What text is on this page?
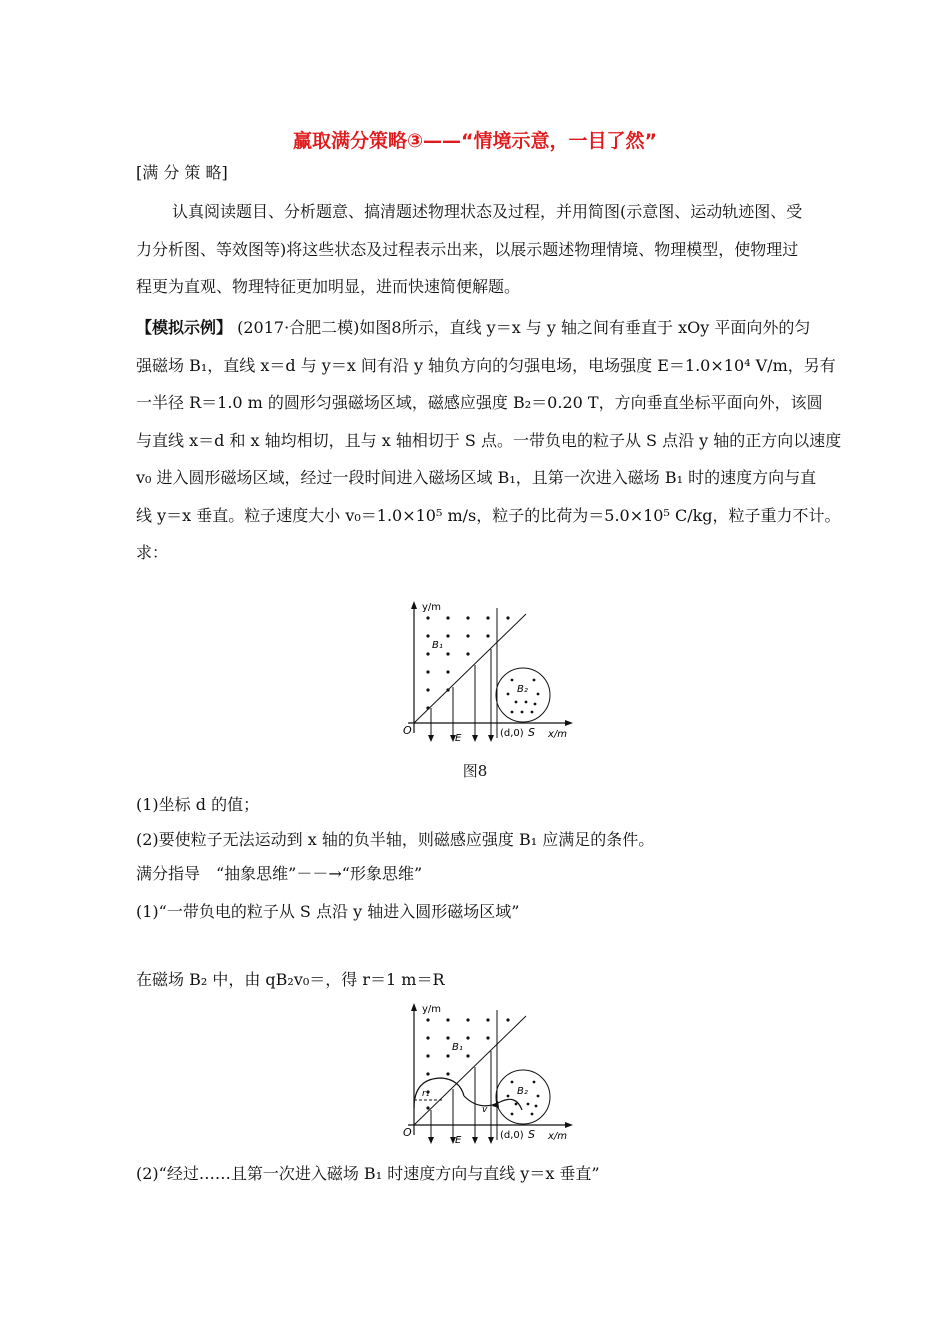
赢取满分策略③——“情境示意，一目了然”
[满 分 策 略]

认真阅读题目、分析题意、搞清题述物理状态及过程，并用简图(示意图、运动轨迹图、受

力分析图、等效图等)将这些状态及过程表示出来，以展示题述物理情境、物理模型，使物理过

程更为直观、物理特征更加明显，进而快速简便解题。

【模拟示例】 (2017·合肥二模)如图8所示，直线 y＝x 与 y 轴之间有垂直于 xOy 平面向外的匀

强磁场 B₁，直线 x＝d 与 y＝x 间有沿 y 轴负方向的匀强电场，电场强度 E＝1.0×10⁴ V/m，另有

一半径 R＝1.0 m 的圆形匀强磁场区域，磁感应强度 B₂＝0.20 T，方向垂直坐标平面向外，该圆

与直线 x＝d 和 x 轴均相切，且与 x 轴相切于 S 点。一带负电的粒子从 S 点沿 y 轴的正方向以速度

v₀ 进入圆形磁场区域，经过一段时间进入磁场区域 B₁，且第一次进入磁场 B₁ 时的速度方向与直

线 y＝x 垂直。粒子速度大小 v₀＝1.0×10⁵ m/s，粒子的比荷为＝5.0×10⁵ C/kg，粒子重力不计。

求：

y/m
x/m
O
E
B₁
B₂
(d,0) S
图8
(1)坐标 d 的值；
(2)要使粒子无法运动到 x 轴的负半轴，则磁感应强度 B₁ 应满足的条件。
满分指导　“抽象思维”－－→“形象思维”
(1)“一带负电的粒子从 S 点沿 y 轴进入圆形磁场区域”
在磁场 B₂ 中，由 qB₂v₀＝，得 r＝1 m＝R
y/m
x/m
O
E
B₁
r₁
v
B₂
(d,0) S
(2)“经过……且第一次进入磁场 B₁ 时速度方向与直线 y＝x 垂直”
